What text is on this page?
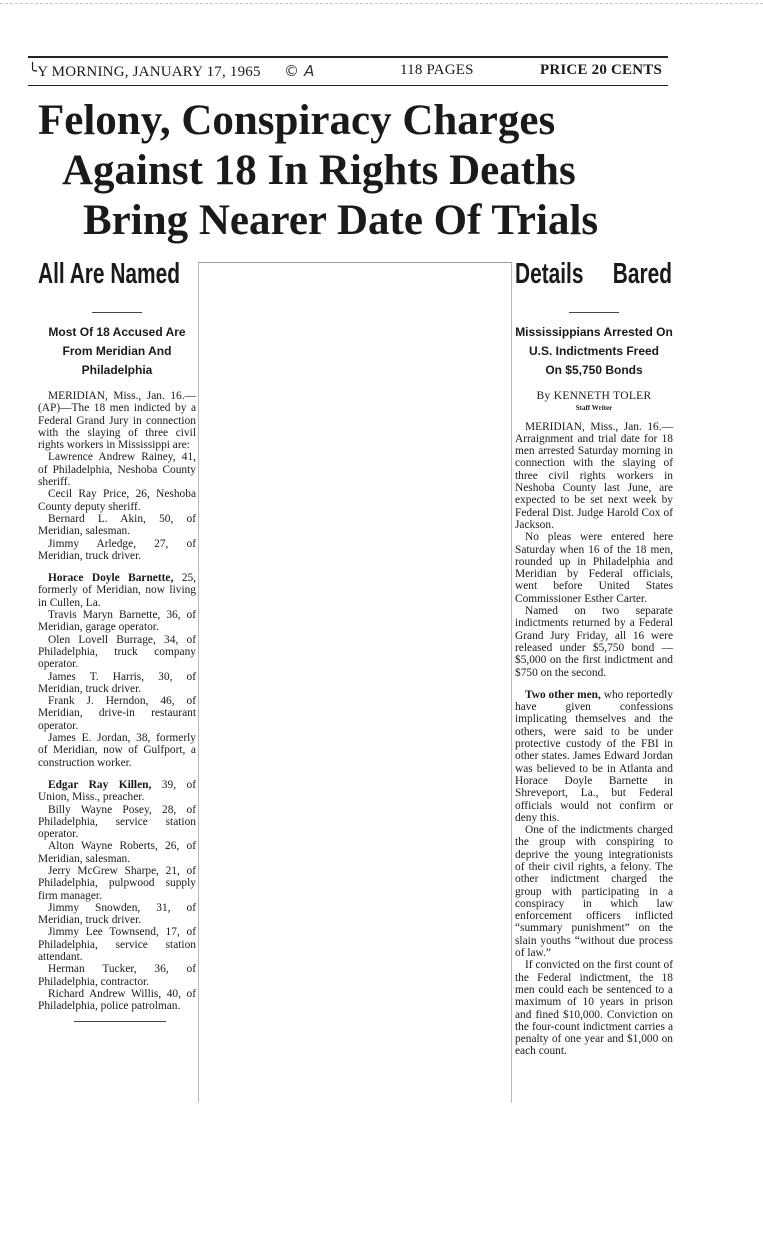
╰Y MORNING, JANUARY 17, 1965 © A	118 PAGES	PRICE 20 CENTS
Felony, Conspiracy Charges
Against 18 In Rights Deaths
Bring Nearer Date Of Trials
All Are Named
Most Of 18 Accused Are
From Meridian And
Philadelphia

MERIDIAN, Miss., Jan. 16.—(AP)—The 18 men indicted by a Federal Grand Jury in connection with the slaying of three civil rights workers in Mississippi are:

Lawrence Andrew Rainey, 41, of Philadelphia, Neshoba County sheriff.

Cecil Ray Price, 26, Neshoba County deputy sheriff.

Bernard L. Akin, 50, of Meridian, salesman.

Jimmy Arledge, 27, of Meridian, truck driver.

Horace Doyle Barnette, 25, formerly of Meridian, now living in Cullen, La.

Travis Maryn Barnette, 36, of Meridian, garage operator.

Olen Lovell Burrage, 34, of Philadelphia, truck company operator.

James T. Harris, 30, of Meridian, truck driver.

Frank J. Herndon, 46, of Meridian, drive-in restaurant operator.

James E. Jordan, 38, formerly of Meridian, now of Gulfport, a construction worker.

Edgar Ray Killen, 39, of Union, Miss., preacher.

Billy Wayne Posey, 28, of Philadelphia, service station operator.

Alton Wayne Roberts, 26, of Meridian, salesman.

Jerry McGrew Sharpe, 21, of Philadelphia, pulpwood supply firm manager.

Jimmy Snowden, 31, of Meridian, truck driver.

Jimmy Lee Townsend, 17, of Philadelphia, service station attendant.

Herman Tucker, 36, of Philadelphia, contractor.

Richard Andrew Willis, 40, of Philadelphia, police patrolman.

Details Bared
Mississippians Arrested On
U.S. Indictments Freed
On $5,750 Bonds
By KENNETH TOLER
Staff Writer

MERIDIAN, Miss., Jan. 16.—Arraignment and trial date for 18 men arrested Saturday morning in connection with the slaying of three civil rights workers in Neshoba County last June, are expected to be set next week by Federal Dist. Judge Harold Cox of Jackson.

No pleas were entered here Saturday when 16 of the 18 men, rounded up in Philadelphia and Meridian by Federal officials, went before United States Commissioner Esther Carter.

Named on two separate indictments returned by a Federal Grand Jury Friday, all 16 were released under $5,750 bond — $5,000 on the first indictment and $750 on the second.

Two other men, who reportedly have given confessions implicating themselves and the others, were said to be under protective custody of the FBI in other states. James Edward Jordan was believed to be in Atlanta and Horace Doyle Barnette in Shreveport, La., but Federal officials would not confirm or deny this.

One of the indictments charged the group with conspiring to deprive the young integrationists of their civil rights, a felony. The other indictment charged the group with participating in a conspiracy in which law enforcement officers inflicted “summary punishment” on the slain youths “without due process of law.”

If convicted on the first count of the Federal indictment, the 18 men could each be sentenced to a maximum of 10 years in prison and fined $10,000. Conviction on the four-count indictment carries a penalty of one year and $1,000 on each count.
